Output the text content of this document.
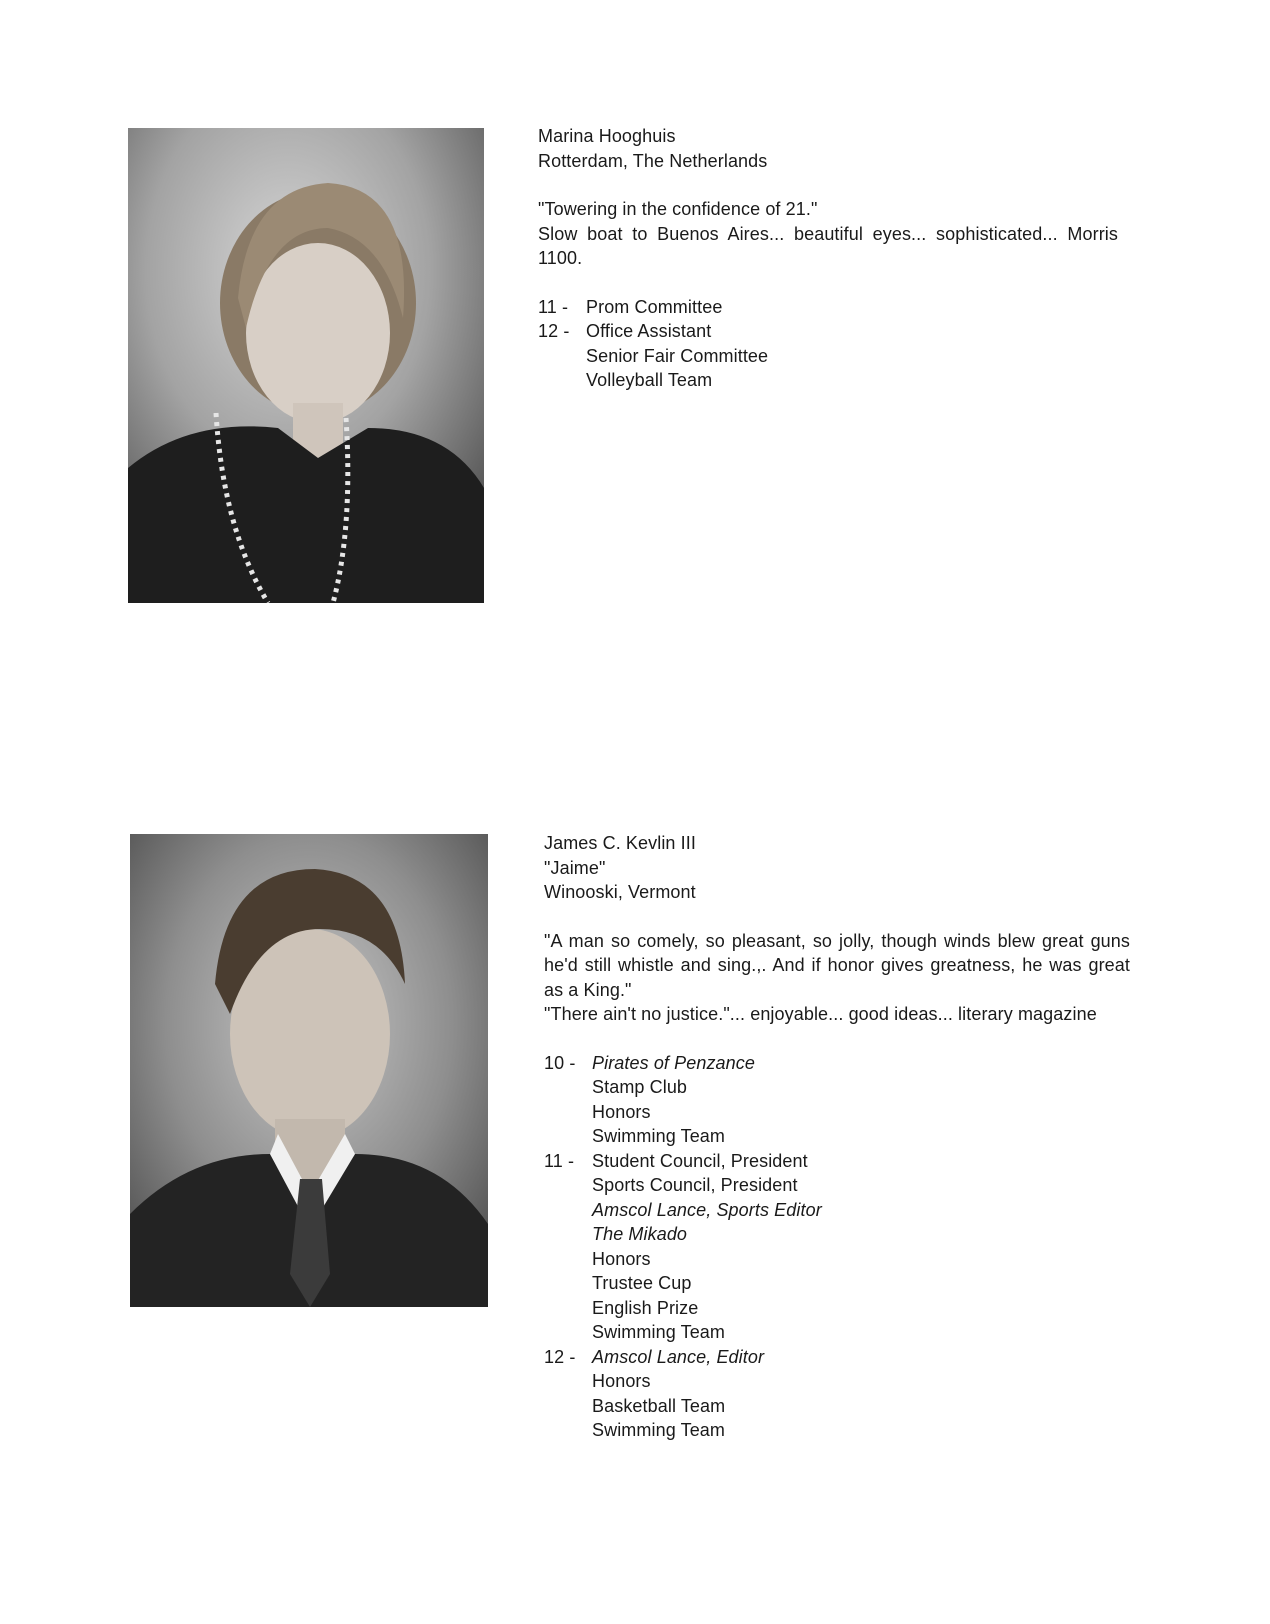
Marina Hooghuis
Rotterdam, The Netherlands
"Towering in the confidence of 21."
Slow boat to Buenos Aires... beautiful eyes... sophisticated... Morris 1100.
11 - Prom Committee
12 - Office Assistant
Senior Fair Committee
Volleyball Team
James C. Kevlin III
"Jaime"
Winooski, Vermont
"A man so comely, so pleasant, so jolly, though winds blew great guns he'd still whistle and sing.,. And if honor gives greatness, he was great as a King."
"There ain't no justice."... enjoyable... good ideas... literary magazine
10 - Pirates of Penzance
Stamp Club
Honors
Swimming Team
11 - Student Council, President
Sports Council, President
Amscol Lance, Sports Editor
The Mikado
Honors
Trustee Cup
English Prize
Swimming Team
12 - Amscol Lance, Editor
Honors
Basketball Team
Swimming Team
